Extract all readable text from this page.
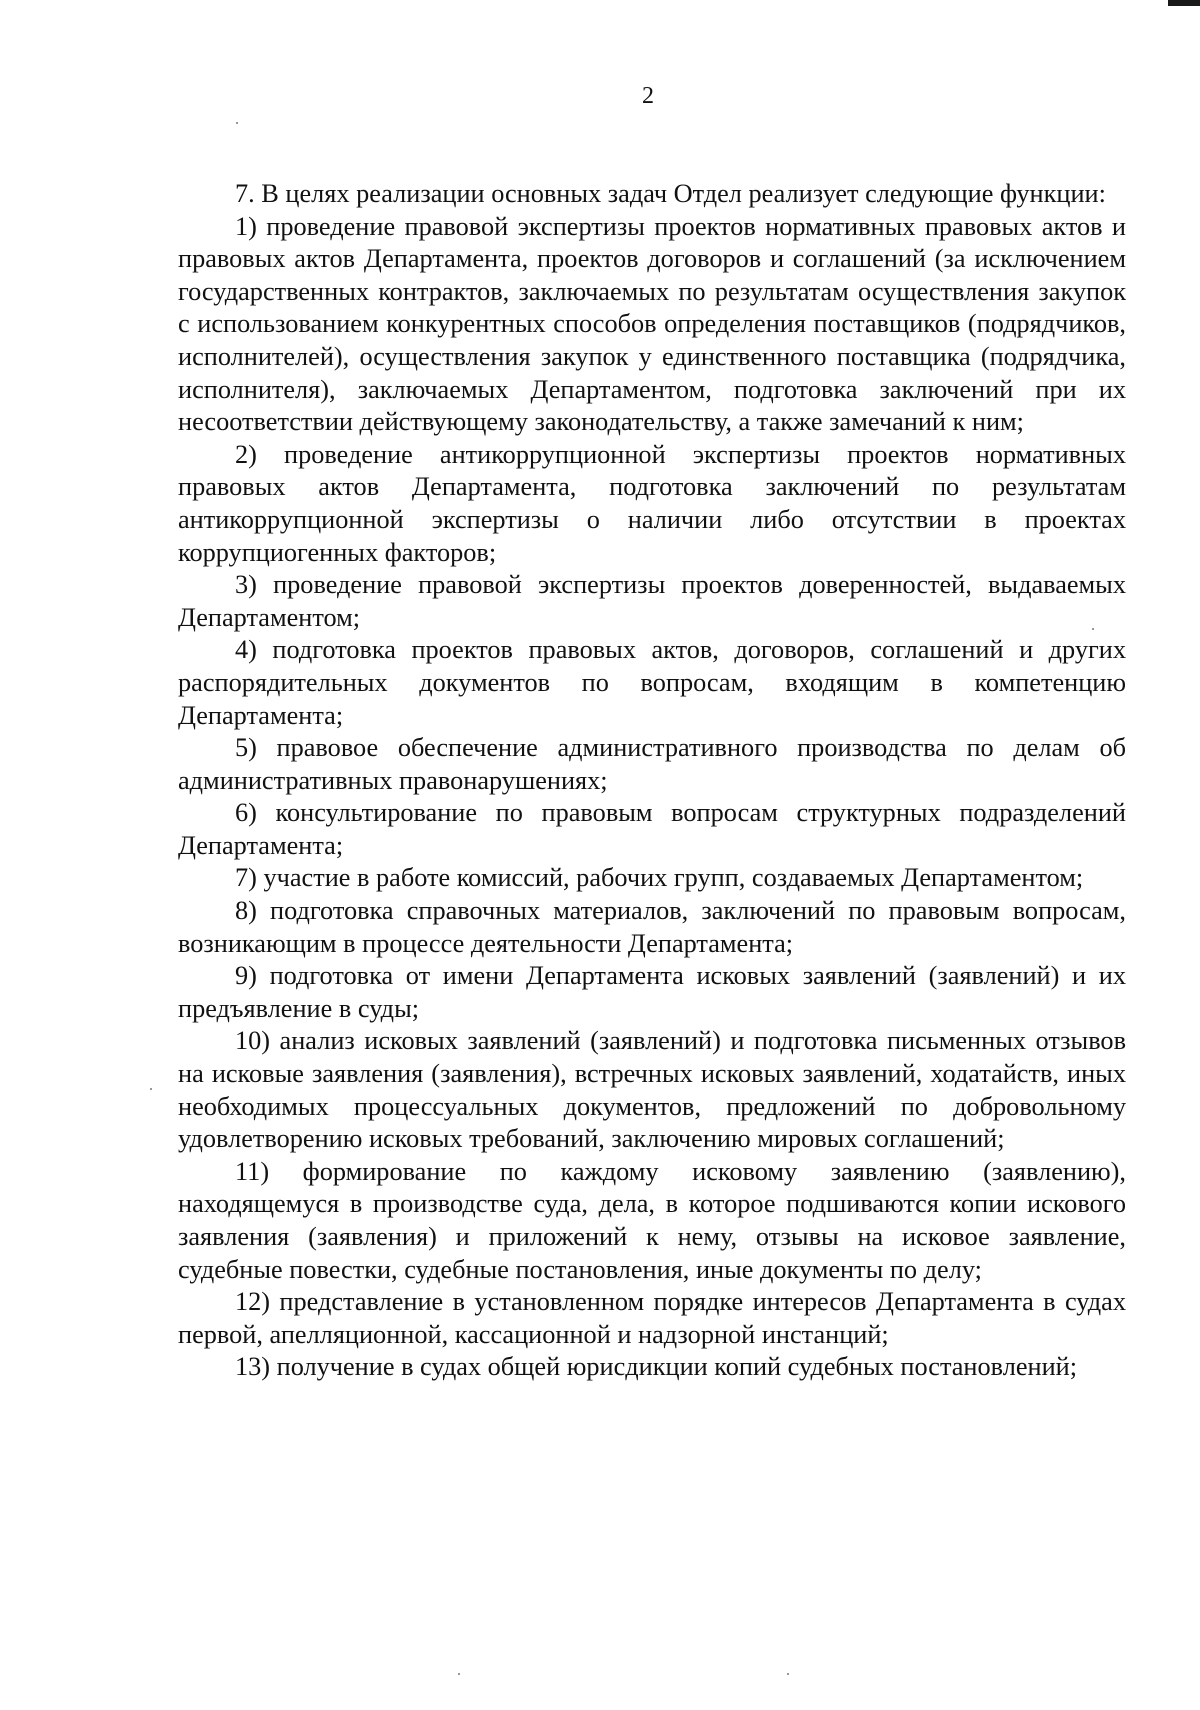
2

7. В целях реализации основных задач Отдел реализует следующие функции:

1) проведение правовой экспертизы проектов нормативных правовых актов и правовых актов Департамента, проектов договоров и соглашений (за исключением государственных контрактов, заключаемых по результатам осуществления закупок с использованием конкурентных способов определения поставщиков (подрядчиков, исполнителей), осуществления закупок у единственного поставщика (подрядчика, исполнителя), заключаемых Департаментом, подготовка заключений при их несоответствии действующему законодательству, а также замечаний к ним;

2) проведение антикоррупционной экспертизы проектов нормативных правовых актов Департамента, подготовка заключений по результатам антикоррупционной экспертизы о наличии либо отсутствии в проектах коррупциогенных факторов;

3) проведение правовой экспертизы проектов доверенностей, выдаваемых Департаментом;

4) подготовка проектов правовых актов, договоров, соглашений и других распорядительных документов по вопросам, входящим в компетенцию Департамента;

5) правовое обеспечение административного производства по делам об административных правонарушениях;

6) консультирование по правовым вопросам структурных подразделений Департамента;

7) участие в работе комиссий, рабочих групп, создаваемых Департаментом;

8) подготовка справочных материалов, заключений по правовым вопросам, возникающим в процессе деятельности Департамента;

9) подготовка от имени Департамента исковых заявлений (заявлений) и их предъявление в суды;

10) анализ исковых заявлений (заявлений) и подготовка письменных отзывов на исковые заявления (заявления), встречных исковых заявлений, ходатайств, иных необходимых процессуальных документов, предложений по добровольному удовлетворению исковых требований, заключению мировых соглашений;

11) формирование по каждому исковому заявлению (заявлению), находящемуся в производстве суда, дела, в которое подшиваются копии искового заявления (заявления) и приложений к нему, отзывы на исковое заявление, судебные повестки, судебные постановления, иные документы по делу;

12) представление в установленном порядке интересов Департамента в судах первой, апелляционной, кассационной и надзорной инстанций;

13) получение в судах общей юрисдикции копий судебных постановлений;
